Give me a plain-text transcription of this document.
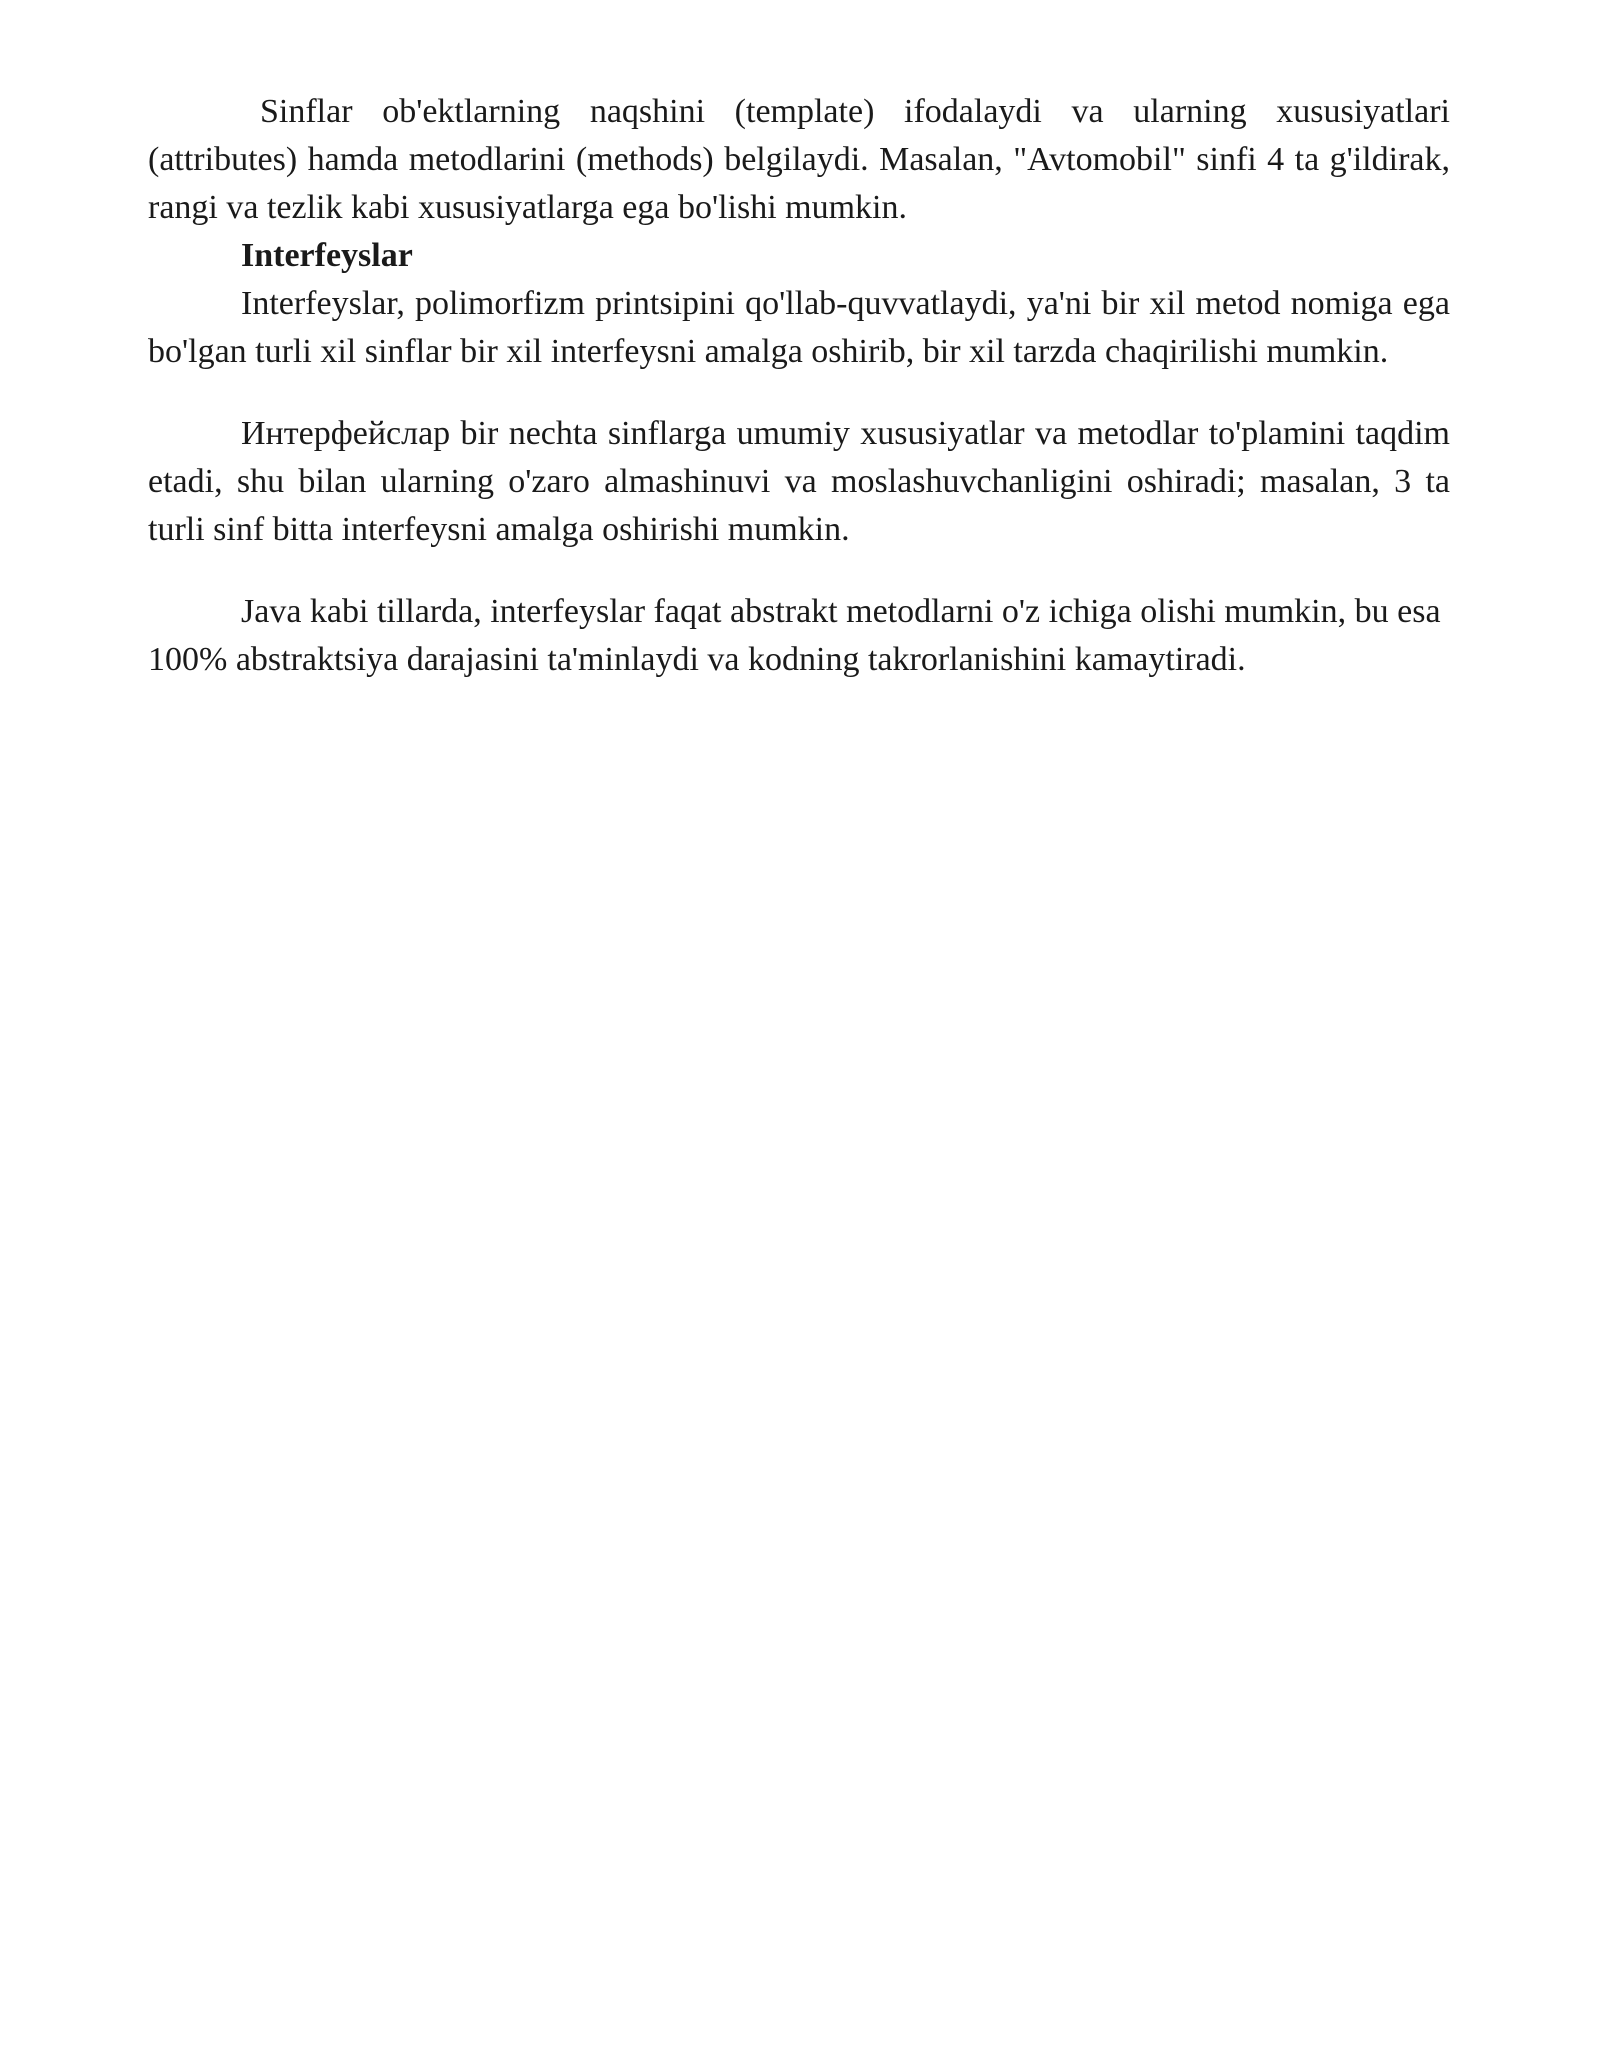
Sinflar ob'ektlarning naqshini (template) ifodalaydi va ularning xususiyatlari (attributes) hamda metodlarini (methods) belgilaydi. Masalan, "Avtomobil" sinfi 4 ta g'ildirak, rangi va tezlik kabi xususiyatlarga ega bo'lishi mumkin.

Interfeyslar

Interfeyslar, polimorfizm printsipini qo'llab-quvvatlaydi, ya'ni bir xil metod nomiga ega bo'lgan turli xil sinflar bir xil interfeysni amalga oshirib, bir xil tarzda chaqirilishi mumkin.

Интерфейслар bir nechta sinflarga umumiy xususiyatlar va metodlar to'plamini taqdim etadi, shu bilan ularning o'zaro almashinuvi va moslashuvchanligini oshiradi; masalan, 3 ta turli sinf bitta interfeysni amalga oshirishi mumkin.

Java kabi tillarda, interfeyslar faqat abstrakt metodlarni o'z ichiga olishi mumkin, bu esa 100% abstraktsiya darajasini ta'minlaydi va kodning takrorlanishini kamaytiradi.
